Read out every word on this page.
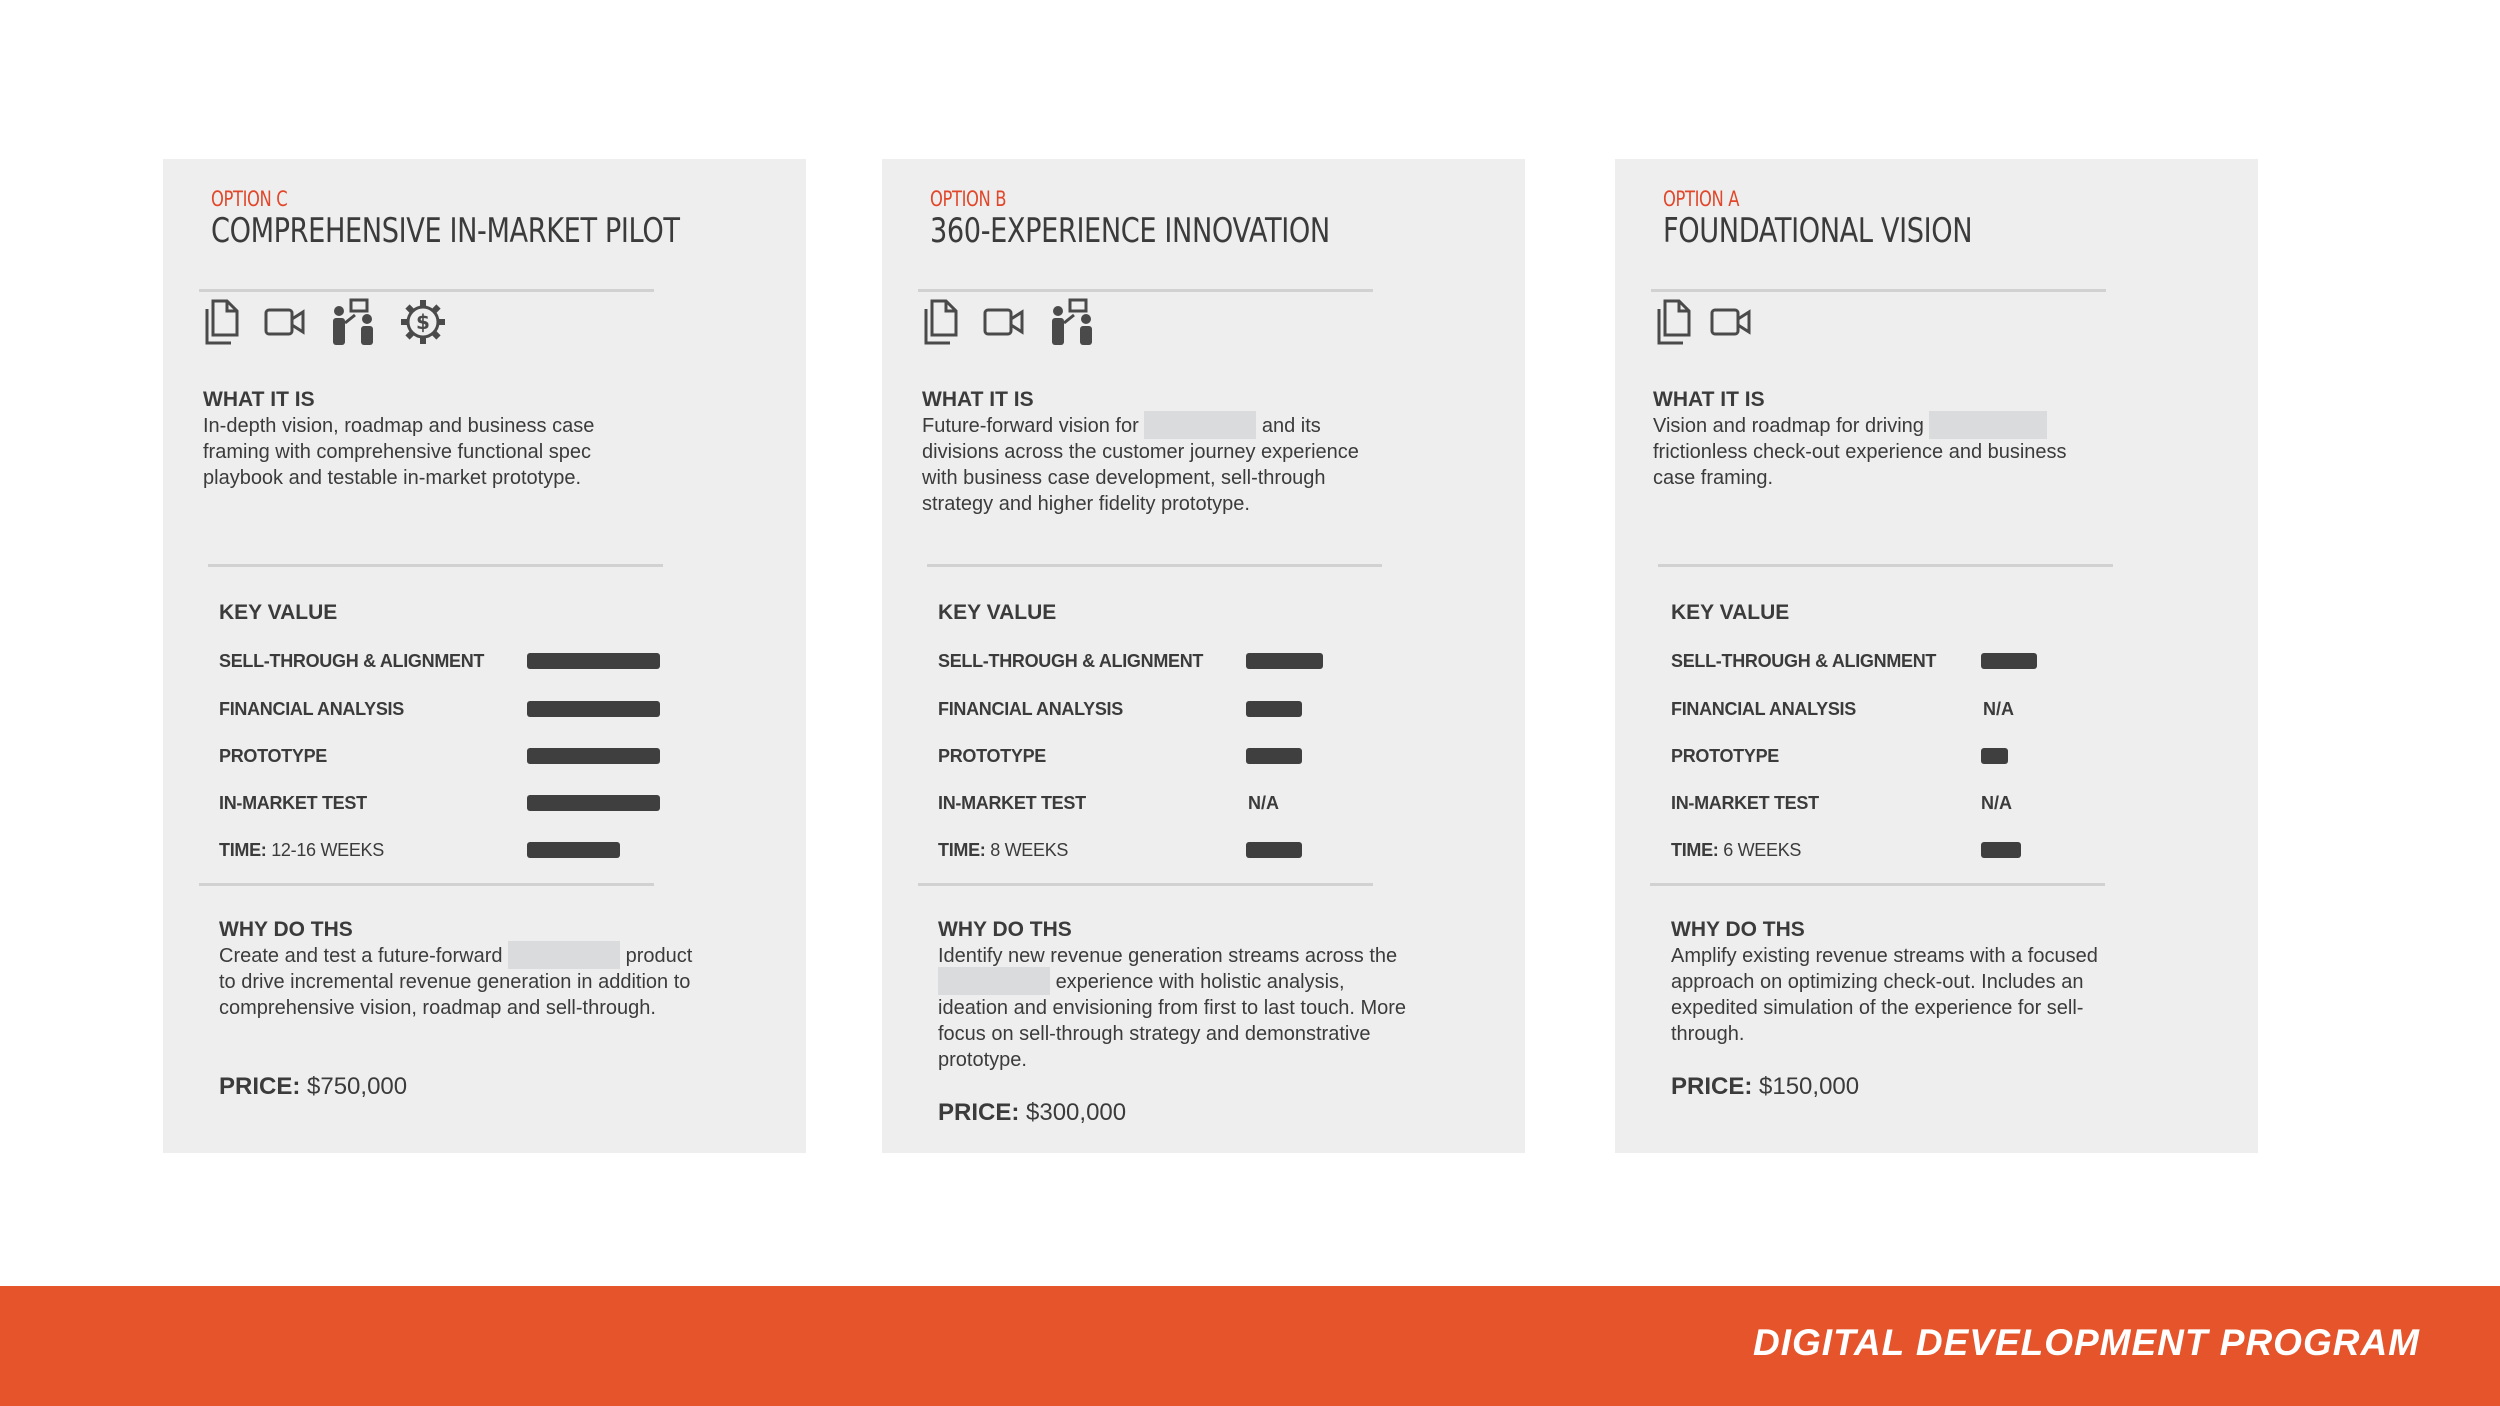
OPTION C
COMPREHENSIVE IN-MARKET PILOT
$
WHAT IT IS
In-depth vision, roadmap and business case framing with comprehensive functional spec playbook and testable in-market prototype.
KEY VALUE
SELL-THROUGH & ALIGNMENT
FINANCIAL ANALYSIS
PROTOTYPE
IN-MARKET TEST
TIME: 12-16 WEEKS
WHY DO THS
Create and test a future-forward	product to drive incremental revenue generation in addition to comprehensive vision, roadmap and sell-through.
PRICE: $750,000
OPTION B
360-EXPERIENCE INNOVATION
WHAT IT IS
Future-forward vision for	and its divisions across the customer journey experience with business case development, sell-through strategy and higher fidelity prototype.
KEY VALUE
SELL-THROUGH & ALIGNMENT
FINANCIAL ANALYSIS
PROTOTYPE
IN-MARKET TEST	N/A
TIME: 8 WEEKS
WHY DO THS
Identify new revenue generation streams across the  experience with holistic analysis, ideation and envisioning from first to last touch. More focus on sell-through strategy and demonstrative prototype.
PRICE: $300,000
OPTION A
FOUNDATIONAL VISION
WHAT IT IS
Vision and roadmap for driving  frictionless check-out experience and business case framing.
KEY VALUE
SELL-THROUGH & ALIGNMENT
FINANCIAL ANALYSIS	N/A
PROTOTYPE
IN-MARKET TEST	N/A
TIME: 6 WEEKS
WHY DO THS
Amplify existing revenue streams with a focused approach on optimizing check-out. Includes an expedited simulation of the experience for sell-through.
PRICE: $150,000
DIGITAL DEVELOPMENT PROGRAM
